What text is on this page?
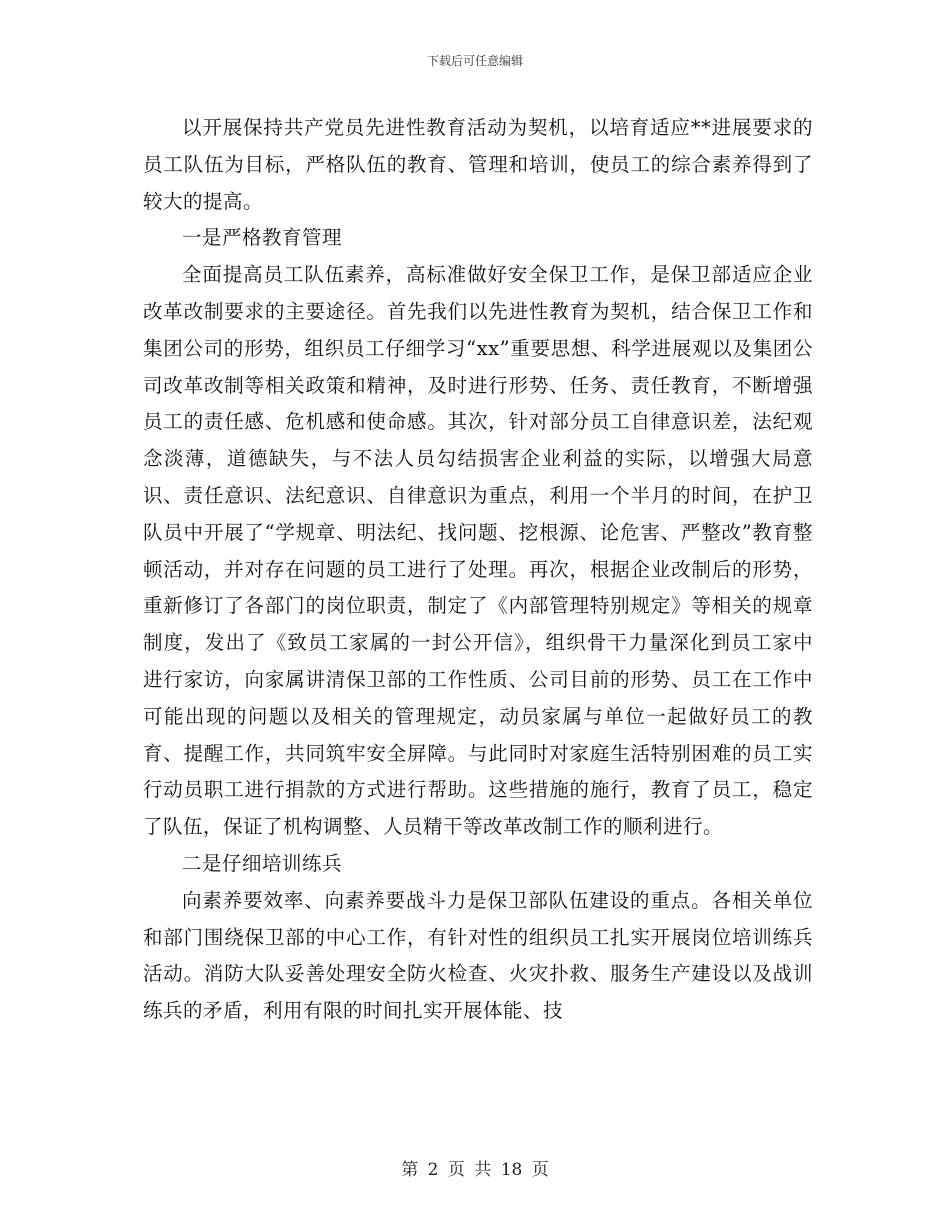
下载后可任意编辑

以开展保持共产党员先进性教育活动为契机，以培育适应**进展要求的员工队伍为目标，严格队伍的教育、管理和培训，使员工的综合素养得到了较大的提高。

一是严格教育管理

全面提高员工队伍素养，高标准做好安全保卫工作，是保卫部适应企业改革改制要求的主要途径。首先我们以先进性教育为契机，结合保卫工作和集团公司的形势，组织员工仔细学习“xx”重要思想、科学进展观以及集团公司改革改制等相关政策和精神，及时进行形势、任务、责任教育，不断增强员工的责任感、危机感和使命感。其次，针对部分员工自律意识差，法纪观念淡薄，道德缺失，与不法人员勾结损害企业利益的实际，以增强大局意识、责任意识、法纪意识、自律意识为重点，利用一个半月的时间，在护卫队员中开展了“学规章、明法纪、找问题、挖根源、论危害、严整改”教育整顿活动，并对存在问题的员工进行了处理。再次，根据企业改制后的形势，重新修订了各部门的岗位职责，制定了《内部管理特别规定》等相关的规章制度，发出了《致员工家属的一封公开信》，组织骨干力量深化到员工家中进行家访，向家属讲清保卫部的工作性质、公司目前的形势、员工在工作中可能出现的问题以及相关的管理规定，动员家属与单位一起做好员工的教育、提醒工作，共同筑牢安全屏障。与此同时对家庭生活特别困难的员工实行动员职工进行捐款的方式进行帮助。这些措施的施行，教育了员工，稳定了队伍，保证了机构调整、人员精干等改革改制工作的顺利进行。

二是仔细培训练兵

向素养要效率、向素养要战斗力是保卫部队伍建设的重点。各相关单位和部门围绕保卫部的中心工作，有针对性的组织员工扎实开展岗位培训练兵活动。消防大队妥善处理安全防火检查、火灾扑救、服务生产建设以及战训练兵的矛盾，利用有限的时间扎实开展体能、技

第 2 页 共 18 页
